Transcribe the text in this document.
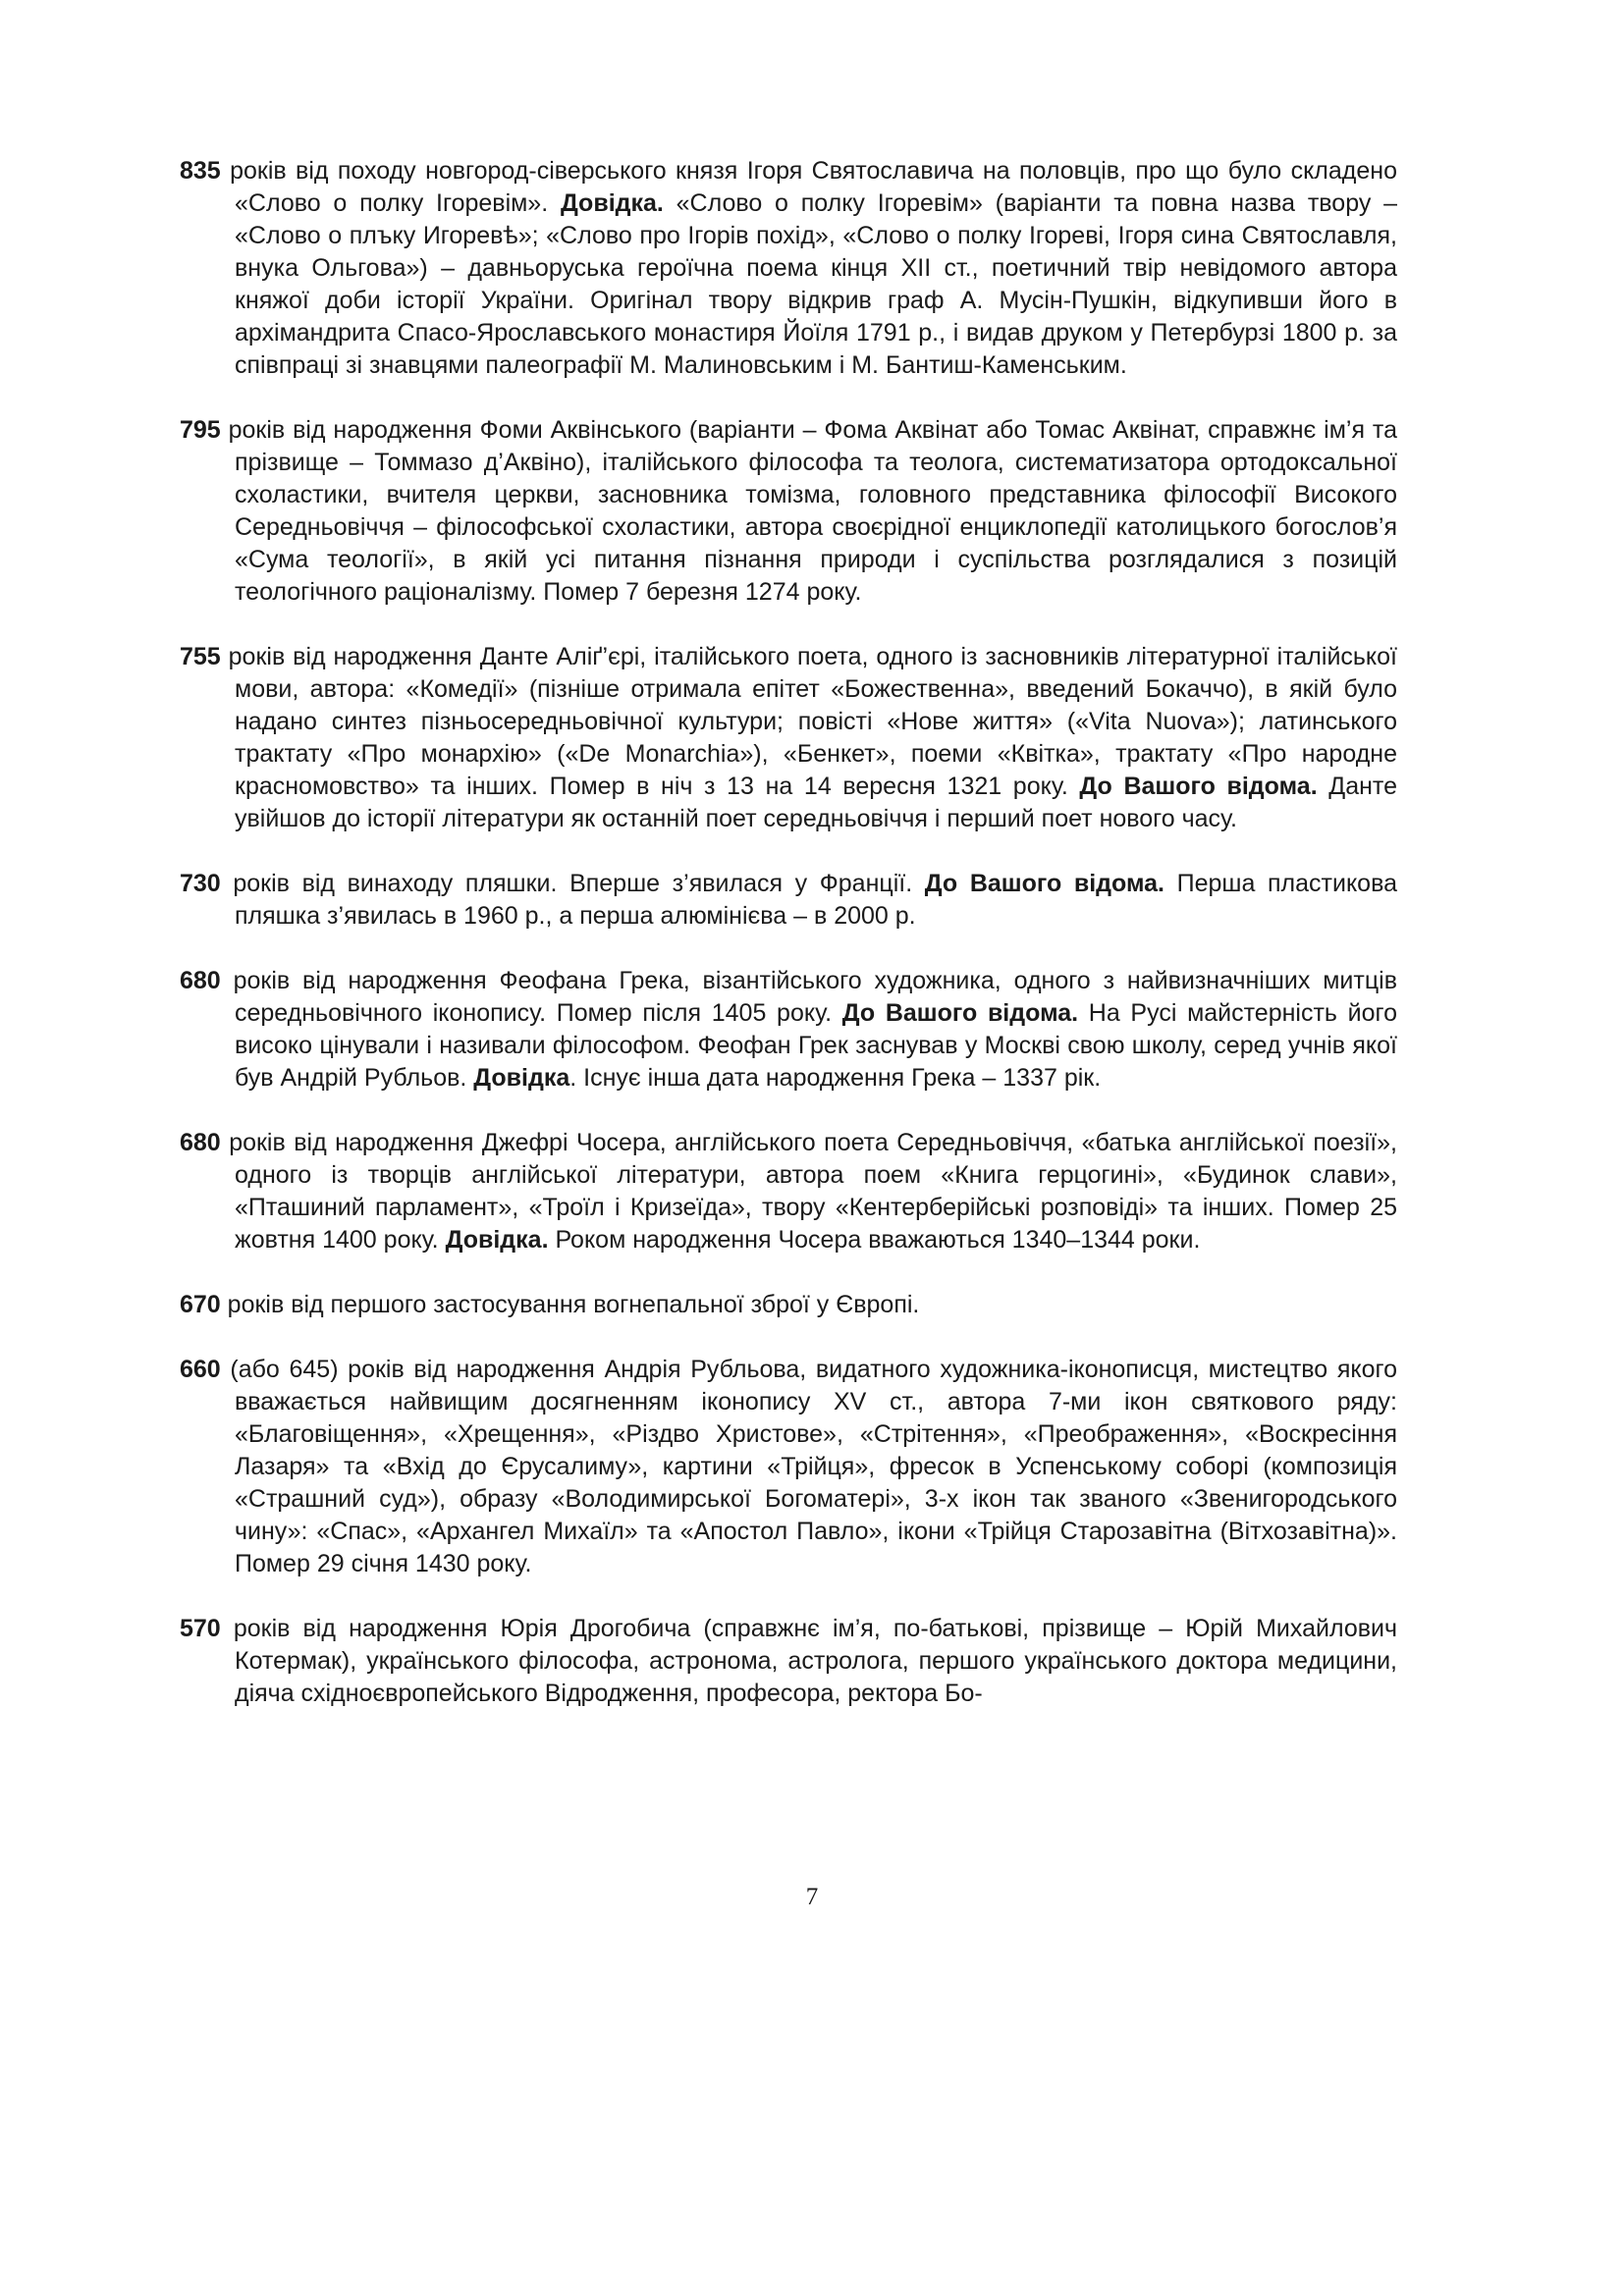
835 років від походу новгород-сіверського князя Ігоря Святославича на половців, про що було складено «Слово о полку Ігоревім». Довідка. «Слово о полку Ігоревім» (варіанти та повна назва твору – «Слово о плъку Игоревѣ»; «Слово про Ігорів похід», «Слово о полку Ігореві, Ігоря сина Святославля, внука Ольгова») – давньоруська героїчна поема кінця XII ст., поетичний твір невідомого автора княжої доби історії України. Оригінал твору відкрив граф А. Мусін-Пушкін, відкупивши його в архімандрита Спасо-Ярославського монастиря Йоїля 1791 р., і видав друком у Петербурзі 1800 р. за співпраці зі знавцями палеографії М. Малиновським і М. Бантиш-Каменським.

795 років від народження Фоми Аквінського (варіанти – Фома Аквінат або Томас Аквінат, справжнє ім’я та прізвище – Томмазо д’Аквіно), італійського філософа та теолога, систематизатора ортодоксальної схоластики, вчителя церкви, засновника томізма, головного представника філософії Високого Середньовіччя – філософської схоластики, автора своєрідної енциклопедії католицького богослов’я «Сума теології», в якій усі питання пізнання природи і суспільства розглядалися з позицій теологічного раціоналізму. Помер 7 березня 1274 року.

755 років від народження Данте Аліґ’єрі, італійського поета, одного із засновників літературної італійської мови, автора: «Комедії» (пізніше отримала епітет «Божественна», введений Бокаччо), в якій було надано синтез пізньосередньовічної культури; повісті «Нове життя» («Vita Nuova»); латинського трактату «Про монархію» («De Monarchia»), «Бенкет», поеми «Квітка», трактату «Про народне красномовство» та інших. Помер в ніч з 13 на 14 вересня 1321 року. До Вашого відома. Данте увійшов до історії літератури як останній поет середньовіччя і перший поет нового часу.

730 років від винаходу пляшки. Вперше з’явилася у Франції. До Вашого відома. Перша пластикова пляшка з’явилась в 1960 р., а перша алюмінієва – в 2000 р.

680 років від народження Феофана Грека, візантійського художника, одного з найвизначніших митців середньовічного іконопису. Помер після 1405 року. До Вашого відома. На Русі майстерність його високо цінували і називали філософом. Феофан Грек заснував у Москві свою школу, серед учнів якої був Андрій Рубльов. Довідка. Існує інша дата народження Грека – 1337 рік.

680 років від народження Джефрі Чосера, англійського поета Середньовіччя, «батька англійської поезії», одного із творців англійської літератури, автора поем «Книга герцогині», «Будинок слави», «Пташиний парламент», «Троїл і Кризеїда», твору «Кентерберійські розповіді» та інших. Помер 25 жовтня 1400 року. Довідка. Роком народження Чосера вважаються 1340–1344 роки.

670 років від першого застосування вогнепальної зброї у Європі.

660 (або 645) років від народження Андрія Рубльова, видатного художника-іконописця, мистецтво якого вважається найвищим досягненням іконопису XV ст., автора 7-ми ікон святкового ряду: «Благовіщення», «Хрещення», «Різдво Христове», «Стрітення», «Преображення», «Воскресіння Лазаря» та «Вхід до Єрусалиму», картини «Трійця», фресок в Успенському соборі (композиція «Страшний суд»), образу «Володимирської Богоматері», 3-х ікон так званого «Звенигородського чину»: «Спас», «Архангел Михаїл» та «Апостол Павло», ікони «Трійця Старозавітна (Вітхозавітна)». Помер 29 січня 1430 року.

570 років від народження Юрія Дрогобича (справжнє ім’я, по-батькові, прізвище – Юрій Михайлович Котермак), українського філософа, астронома, астролога, першого українського доктора медицини, діяча східноєвропейського Відродження, професора, ректора Бо-

7
